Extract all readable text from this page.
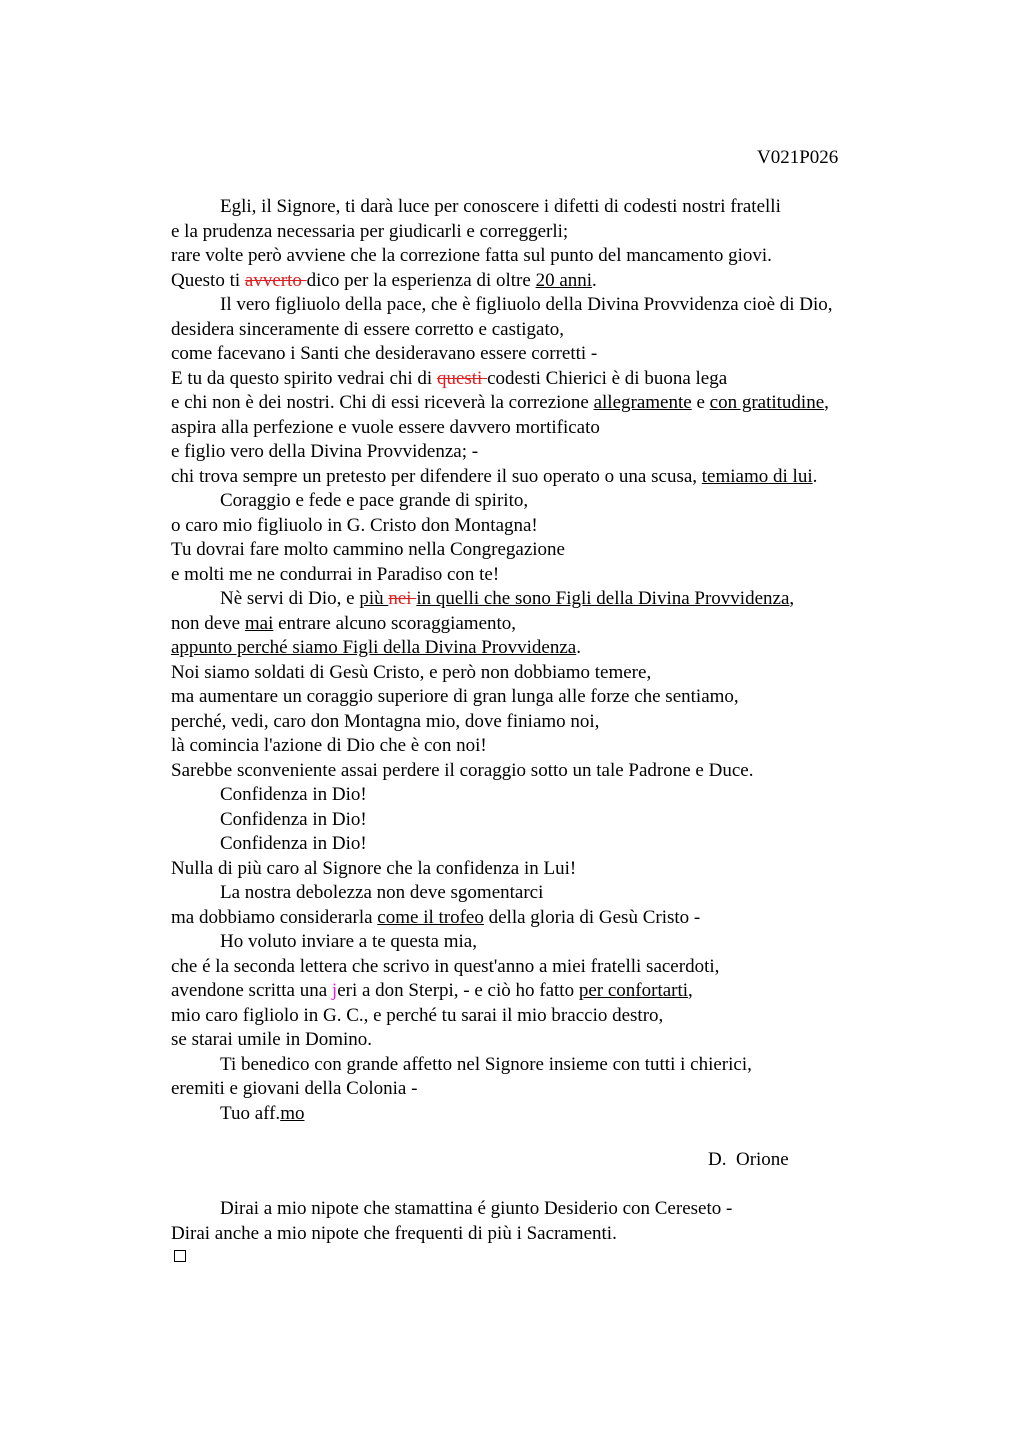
V021P026
Egli, il Signore, ti darà luce per conoscere i difetti di codesti nostri fratelli
e la prudenza necessaria per giudicarli e correggerli;
rare volte però avviene che la correzione fatta sul punto del mancamento giovi.
Questo ti avverto dico per la esperienza di oltre 20 anni.
Il vero figliuolo della pace, che è figliuolo della Divina Provvidenza cioè di Dio,
desidera sinceramente di essere corretto e castigato,
come facevano i Santi che desideravano essere corretti -
E tu da questo spirito vedrai chi di questi codesti Chierici è di buona lega
e chi non è dei nostri. Chi di essi riceverà la correzione allegramente e con gratitudine,
aspira alla perfezione e vuole essere davvero mortificato
e figlio vero della Divina Provvidenza; -
chi trova sempre un pretesto per difendere il suo operato o una scusa, temiamo di lui.
Coraggio e fede e pace grande di spirito,
o caro mio figliuolo in G. Cristo don Montagna!
Tu dovrai fare molto cammino nella Congregazione
e molti me ne condurrai in Paradiso con te!
Nè servi di Dio, e più nei in quelli che sono Figli della Divina Provvidenza,
non deve mai entrare alcuno scoraggiamento,
appunto perché siamo Figli della Divina Provvidenza.
Noi siamo soldati di Gesù Cristo, e però non dobbiamo temere,
ma aumentare un coraggio superiore di gran lunga alle forze che sentiamo,
perché, vedi, caro don Montagna mio, dove finiamo noi,
là comincia l'azione di Dio che è con noi!
Sarebbe sconveniente assai perdere il coraggio sotto un tale Padrone e Duce.
Confidenza in Dio!
Confidenza in Dio!
Confidenza in Dio!
Nulla di più caro al Signore che la confidenza in Lui!
La nostra debolezza non deve sgomentarci
ma dobbiamo considerarla come il trofeo della gloria di Gesù Cristo -
Ho voluto inviare a te questa mia,
che é la seconda lettera che scrivo in quest'anno a miei fratelli sacerdoti,
avendone scritta una jeri a don Sterpi, - e ciò ho fatto per confortarti,
mio caro figliolo in G. C., e perché tu sarai il mio braccio destro,
se starai umile in Domino.
Ti benedico con grande affetto nel Signore insieme con tutti i chierici,
eremiti e giovani della Colonia -
Tuo aff.mo
D.  Orione
Dirai a mio nipote che stamattina é giunto Desiderio con Cereseto -
Dirai anche a mio nipote che frequenti di più i Sacramenti.
